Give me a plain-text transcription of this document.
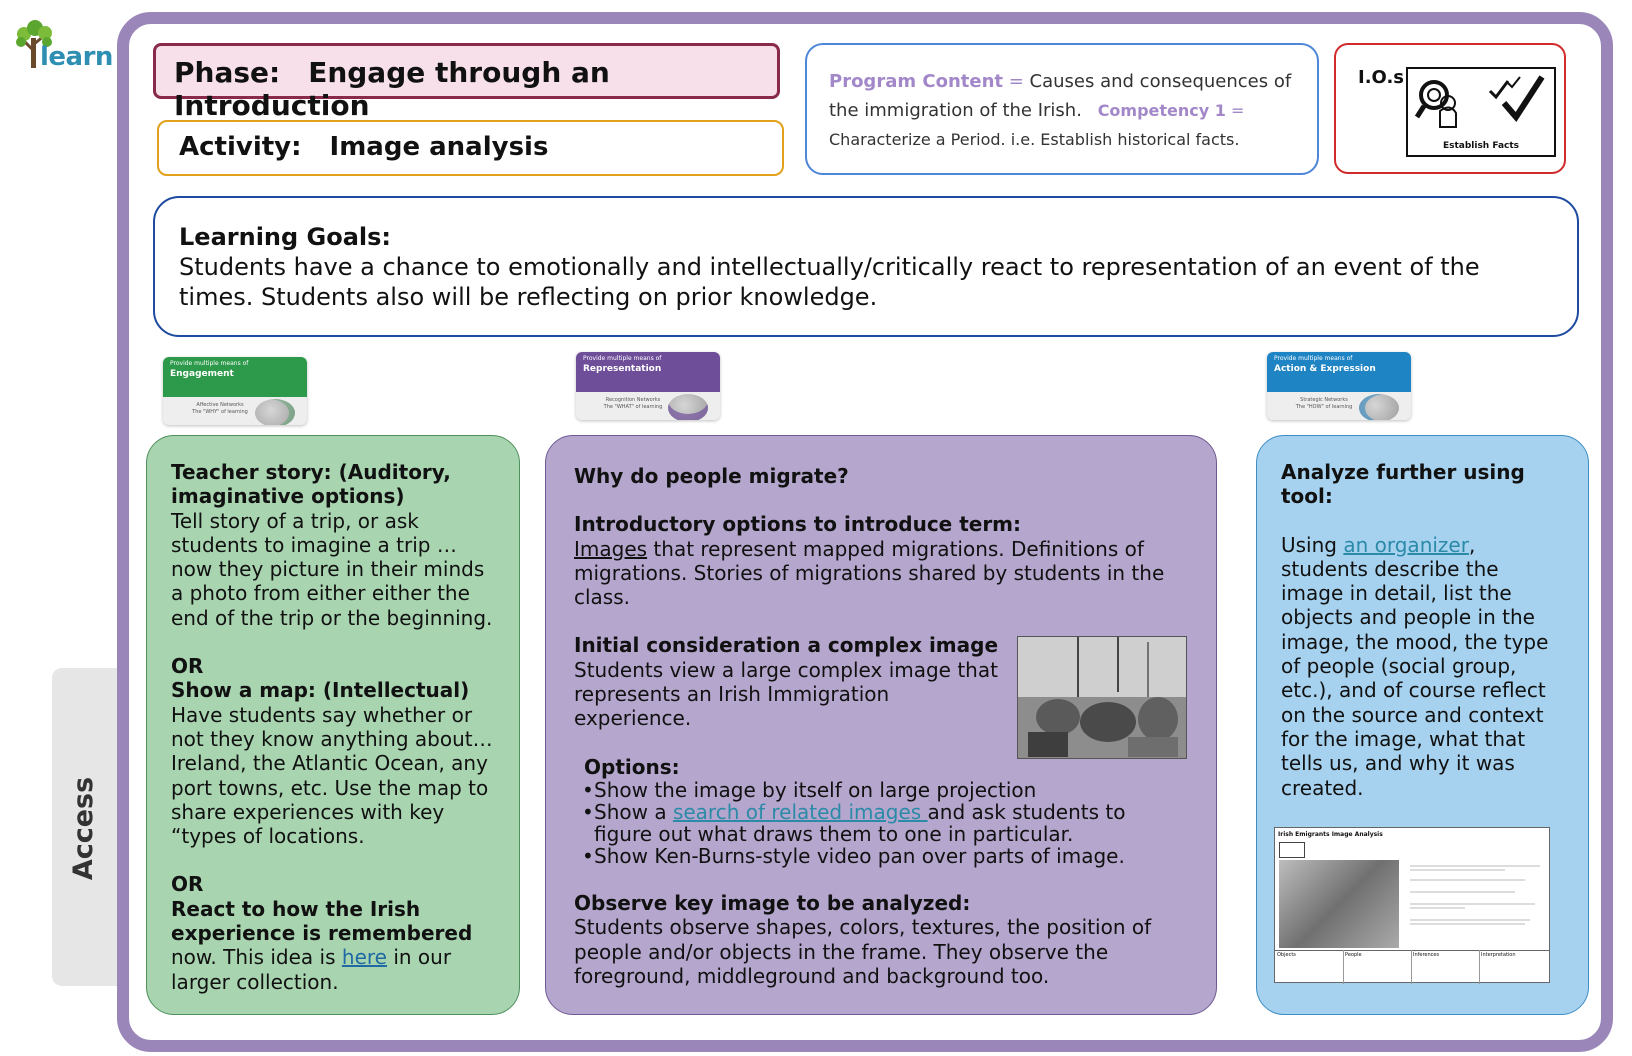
learn
Access
Phase: Engage through an Introduction
Activity: Image analysis
Program Content = Causes and consequences of the immigration of the Irish. Competency 1 = Characterize a Period. i.e. Establish historical facts.
I.O.s
Establish Facts
Learning Goals:
Students have a chance to emotionally and intellectually/critically react to representation of an event of the times. Students also will be reflecting on prior knowledge.
Provide multiple means of
Engagement
Affective Networks
The "WHY" of learning
Provide multiple means of
Representation
Recognition Networks
The "WHAT" of learning
Provide multiple means of
Action & Expression
Strategic Networks
The "HOW" of learning
Teacher story: (Auditory, imaginative options)
Tell story of a trip, or ask students to imagine a trip … now they picture in their minds a photo from either either the end of the trip or the beginning.
OR
Show a map: (Intellectual)
Have students say whether or not they know anything about… Ireland, the Atlantic Ocean, any port towns, etc. Use the map to share experiences with key “types of locations.
OR
React to how the Irish experience is remembered
now. This idea is here in our larger collection.
Why do people migrate?
Introductory options to introduce term:
Images that represent mapped migrations. Definitions of migrations. Stories of migrations shared by students in the class.
Initial consideration a complex image
Students view a large complex image that represents an Irish Immigration experience.
Options:
• Show the image by itself on large projection
• Show a search of related images and ask students to figure out what draws them to one in particular.
• Show Ken-Burns-style video pan over parts of image.
Observe key image to be analyzed:
Students observe shapes, colors, textures, the position of people and/or objects in the frame. They observe the foreground, middleground and background too.
Analyze further using tool:
Using an organizer, students describe the image in detail, list the objects and people in the image, the mood, the type of people (social group, etc.), and of course reflect on the source and context for the image, what that tells us, and why it was created.
Irish Emigrants Image Analysis
Objects	People	Inferences	Interpretation
